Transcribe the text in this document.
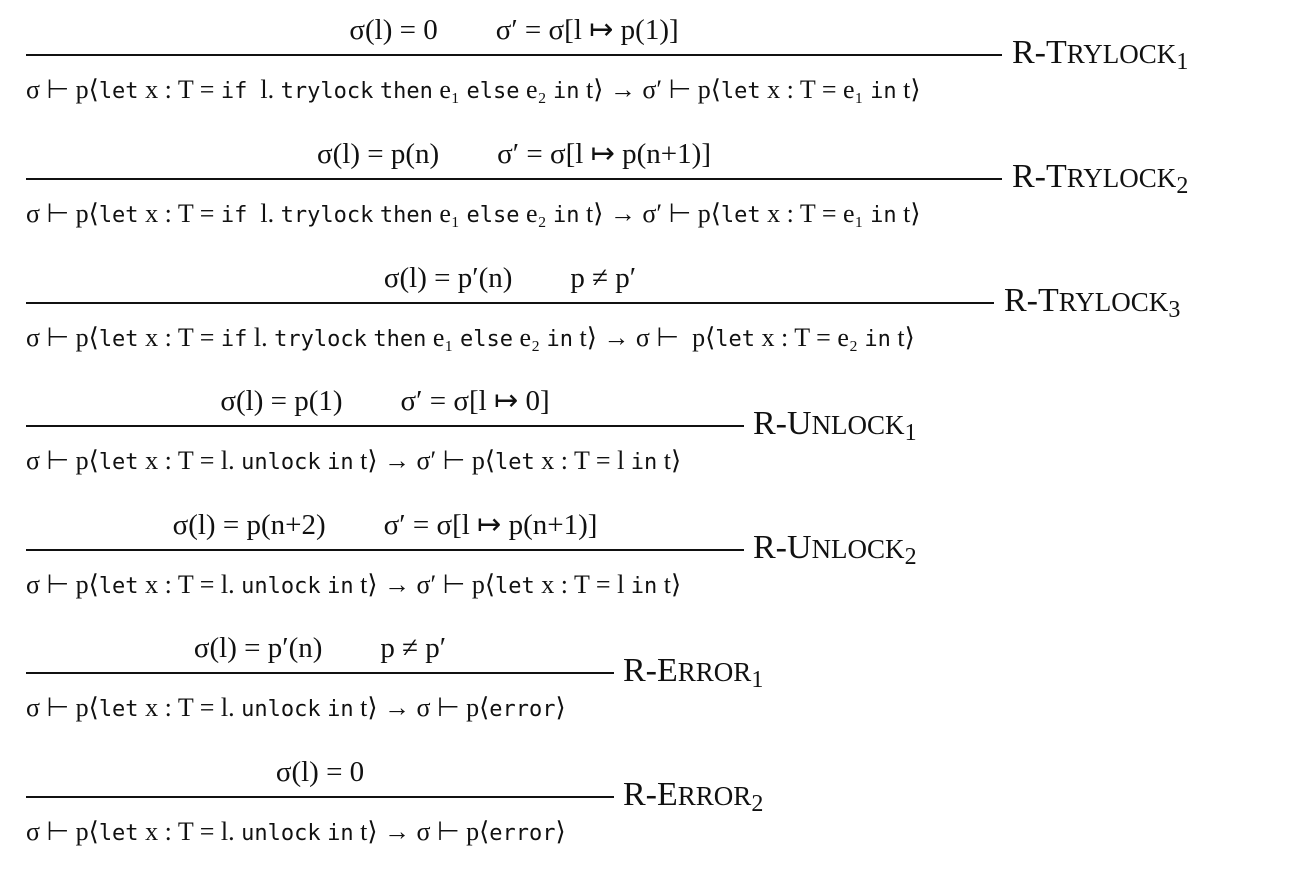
σ(l) = 0        σ′ = σ[l ↦ p(1)]
$R-TRYLOCK_1$
σ ⊢ p⟨let x : T = if  l. trylock then e₁ else e₂ in t⟩ → σ′ ⊢ p⟨let x : T = e₁ in t⟩
σ(l) = p(n)        σ′ = σ[l ↦ p(n+1)]
$R-TRYLOCK_2$
σ ⊢ p⟨let x : T = if  l. trylock then e₁ else e₂ in t⟩ → σ′ ⊢ p⟨let x : T = e₁ in t⟩
σ(l) = p′(n)        p ≠ p′
$R-TRYLOCK_3$
σ ⊢ p⟨let x : T = if l. trylock then e₁ else e₂ in t⟩ → σ ⊢  p⟨let x : T = e₂ in t⟩
σ(l) = p(1)        σ′ = σ[l ↦ 0]
$R-UNLOCK_1$
σ ⊢ p⟨let x : T = l. unlock in t⟩ → σ′ ⊢ p⟨let x : T = l in t⟩
σ(l) = p(n+2)        σ′ = σ[l ↦ p(n+1)]
$R-UNLOCK_2$
σ ⊢ p⟨let x : T = l. unlock in t⟩ → σ′ ⊢ p⟨let x : T = l in t⟩
σ(l) = p′(n)        p ≠ p′
$R-ERROR_1$
σ ⊢ p⟨let x : T = l. unlock in t⟩ → σ ⊢ p⟨error⟩
σ(l) = 0
$R-ERROR_2$
σ ⊢ p⟨let x : T = l. unlock in t⟩ → σ ⊢ p⟨error⟩
